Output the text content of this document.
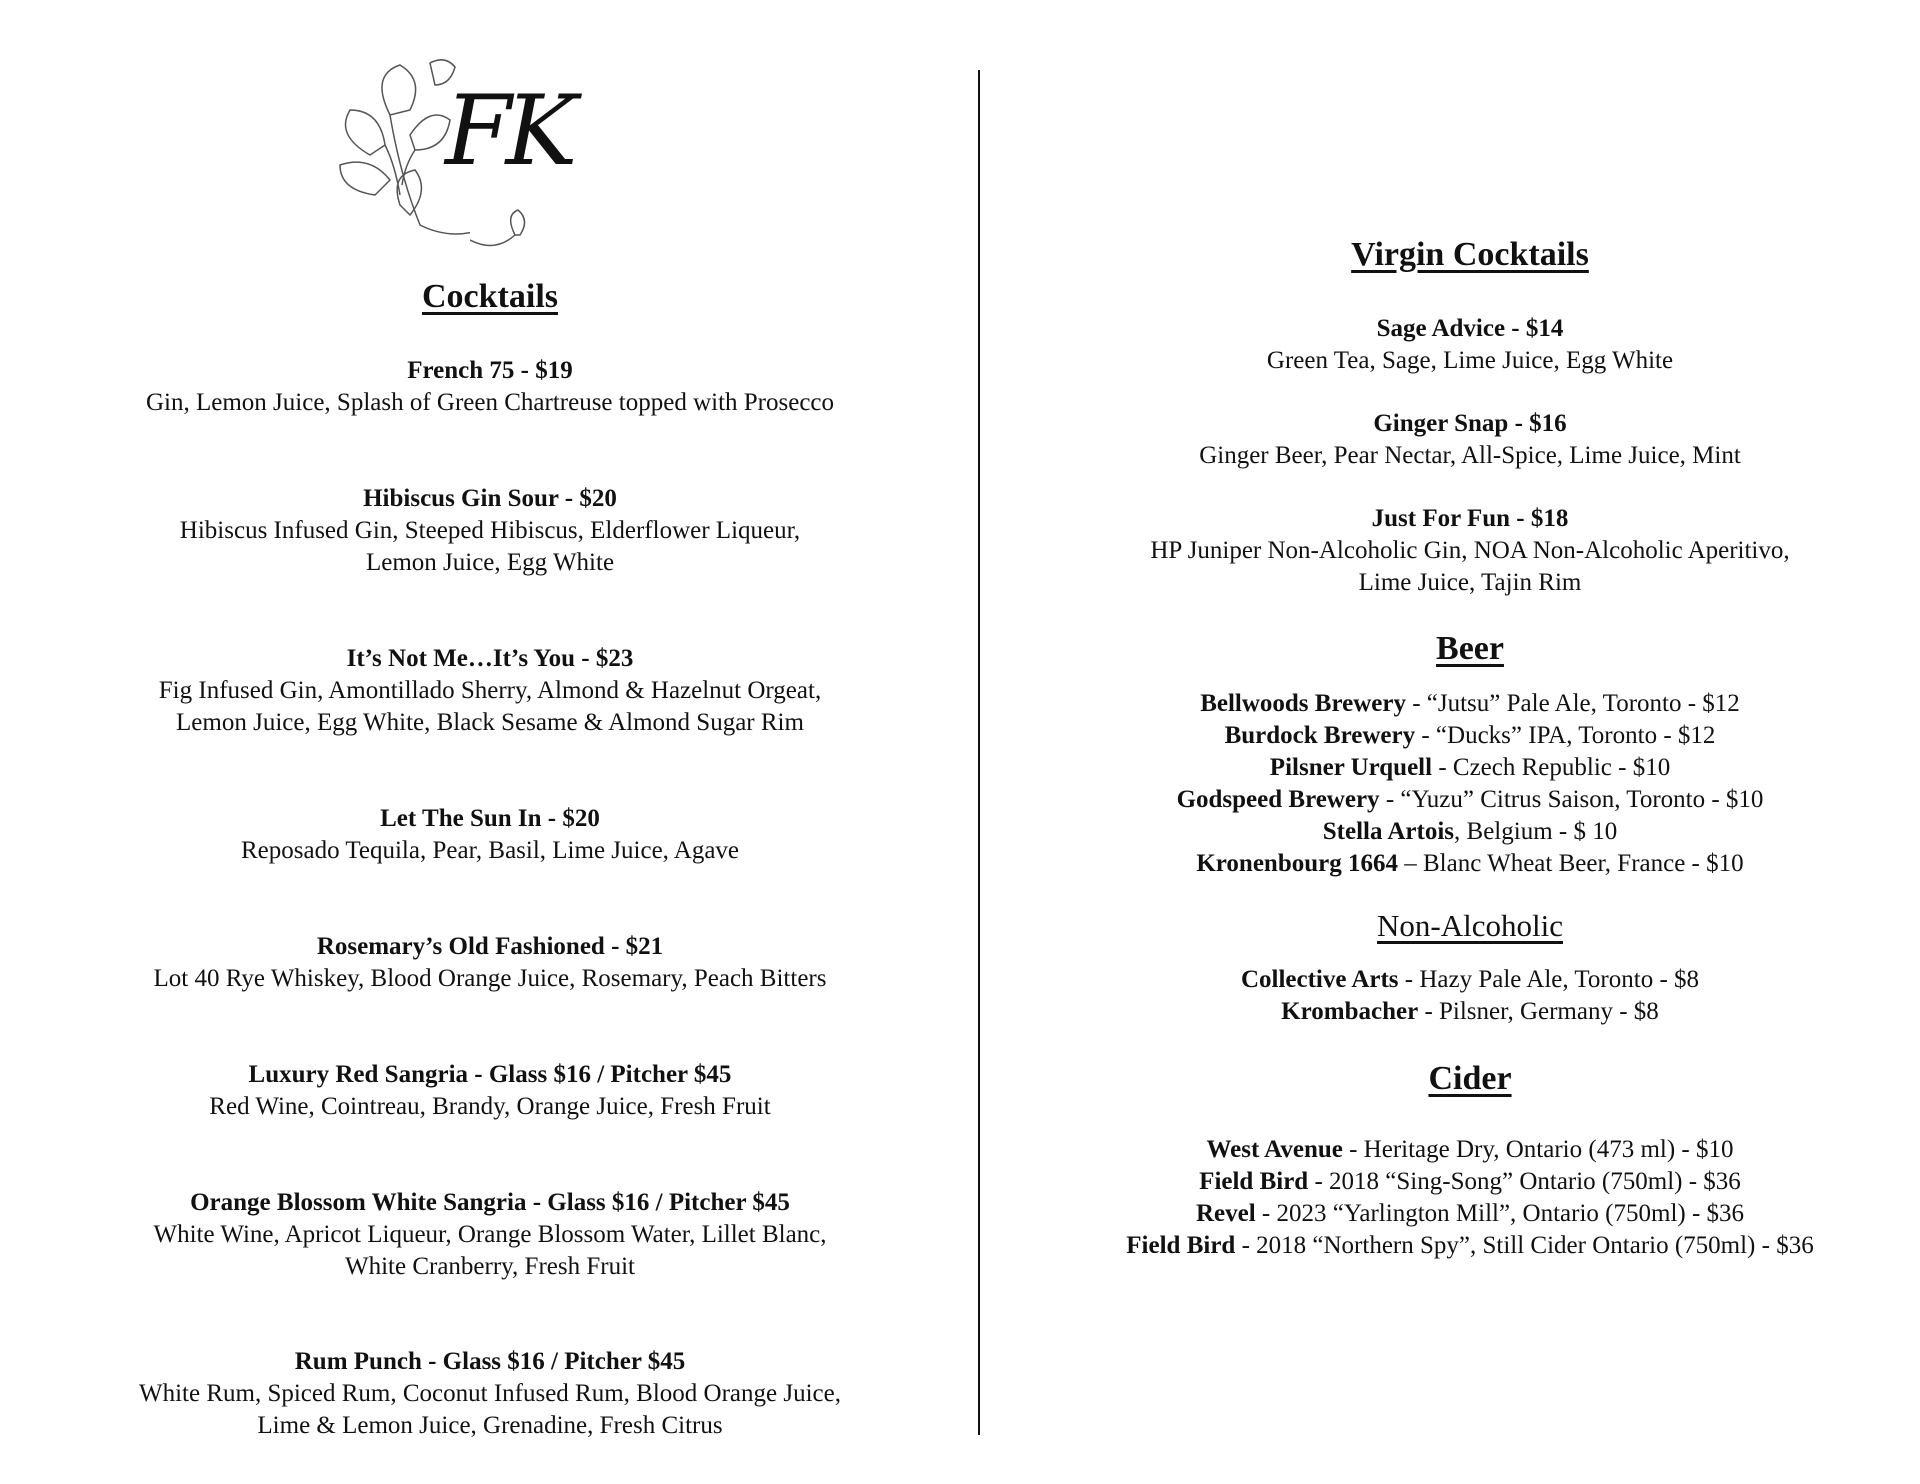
FK
Cocktails
French 75 - $19
Gin, Lemon Juice, Splash of Green Chartreuse topped with Prosecco
Hibiscus Gin Sour - $20
Hibiscus Infused Gin, Steeped Hibiscus, Elderflower Liqueur,
Lemon Juice, Egg White
It’s Not Me…It’s You - $23
Fig Infused Gin, Amontillado Sherry, Almond & Hazelnut Orgeat,
Lemon Juice, Egg White, Black Sesame & Almond Sugar Rim
Let The Sun In - $20
Reposado Tequila, Pear, Basil, Lime Juice, Agave
Rosemary’s Old Fashioned - $21
Lot 40 Rye Whiskey, Blood Orange Juice, Rosemary, Peach Bitters
Luxury Red Sangria - Glass $16 / Pitcher $45
Red Wine, Cointreau, Brandy, Orange Juice, Fresh Fruit
Orange Blossom White Sangria - Glass $16 / Pitcher $45
White Wine, Apricot Liqueur, Orange Blossom Water, Lillet Blanc,
White Cranberry, Fresh Fruit
Rum Punch - Glass $16 / Pitcher $45
White Rum, Spiced Rum, Coconut Infused Rum, Blood Orange Juice,
Lime & Lemon Juice, Grenadine, Fresh Citrus
Virgin Cocktails
Sage Advice - $14
Green Tea, Sage, Lime Juice, Egg White
Ginger Snap - $16
Ginger Beer, Pear Nectar, All-Spice, Lime Juice, Mint
Just For Fun - $18
HP Juniper Non-Alcoholic Gin, NOA Non-Alcoholic Aperitivo,
Lime Juice, Tajin Rim
Beer
Bellwoods Brewery - “Jutsu” Pale Ale, Toronto - $12
Burdock Brewery - “Ducks” IPA, Toronto - $12
Pilsner Urquell - Czech Republic - $10
Godspeed Brewery - “Yuzu” Citrus Saison, Toronto - $10
Stella Artois, Belgium - $ 10
Kronenbourg 1664 – Blanc Wheat Beer, France - $10
Non-Alcoholic
Collective Arts - Hazy Pale Ale, Toronto - $8
Krombacher - Pilsner, Germany - $8
Cider
West Avenue - Heritage Dry, Ontario (473 ml) - $10
Field Bird - 2018 “Sing-Song” Ontario (750ml) - $36
Revel - 2023 “Yarlington Mill”, Ontario (750ml) - $36
Field Bird - 2018 “Northern Spy”, Still Cider Ontario (750ml) - $36
